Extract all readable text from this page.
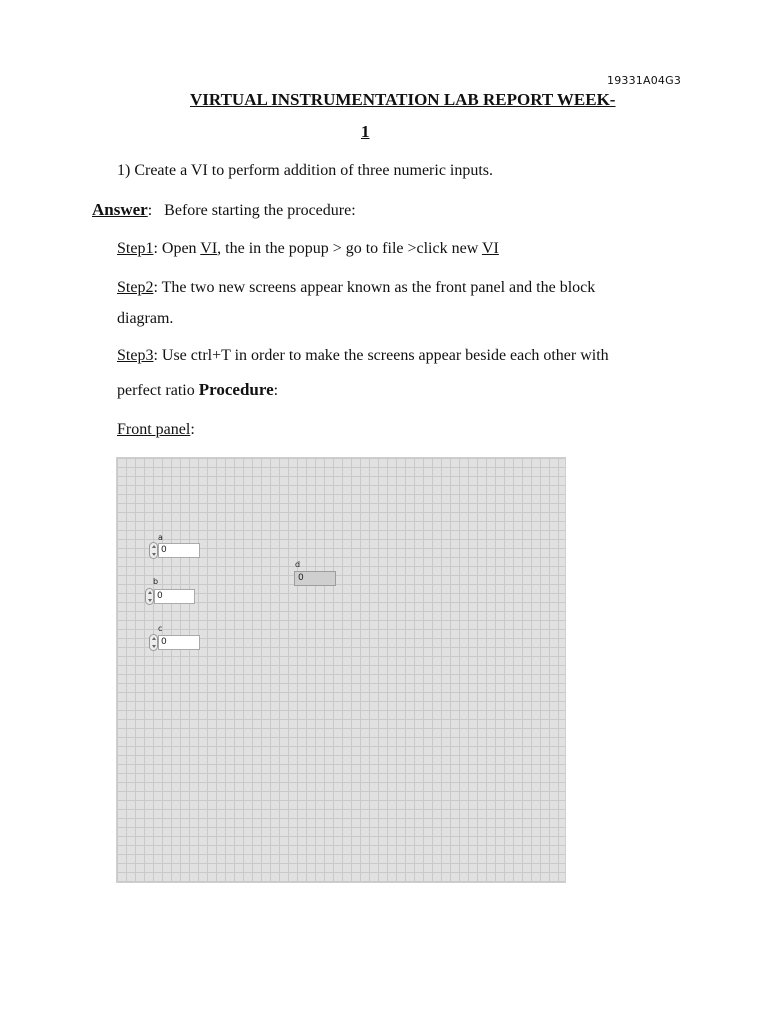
19331A04G3
VIRTUAL INSTRUMENTATION LAB REPORT WEEK-
1
1) Create a VI to perform addition of three numeric inputs.
Answer: Before starting the procedure:
Step1: Open VI, the in the popup > go to file >click new VI
Step2: The two new screens appear known as the front panel and the block
diagram.
Step3: Use ctrl+T in order to make the screens appear beside each other with
perfect ratio Procedure:
Front panel:
a
0
b
0
c
0
d
0
